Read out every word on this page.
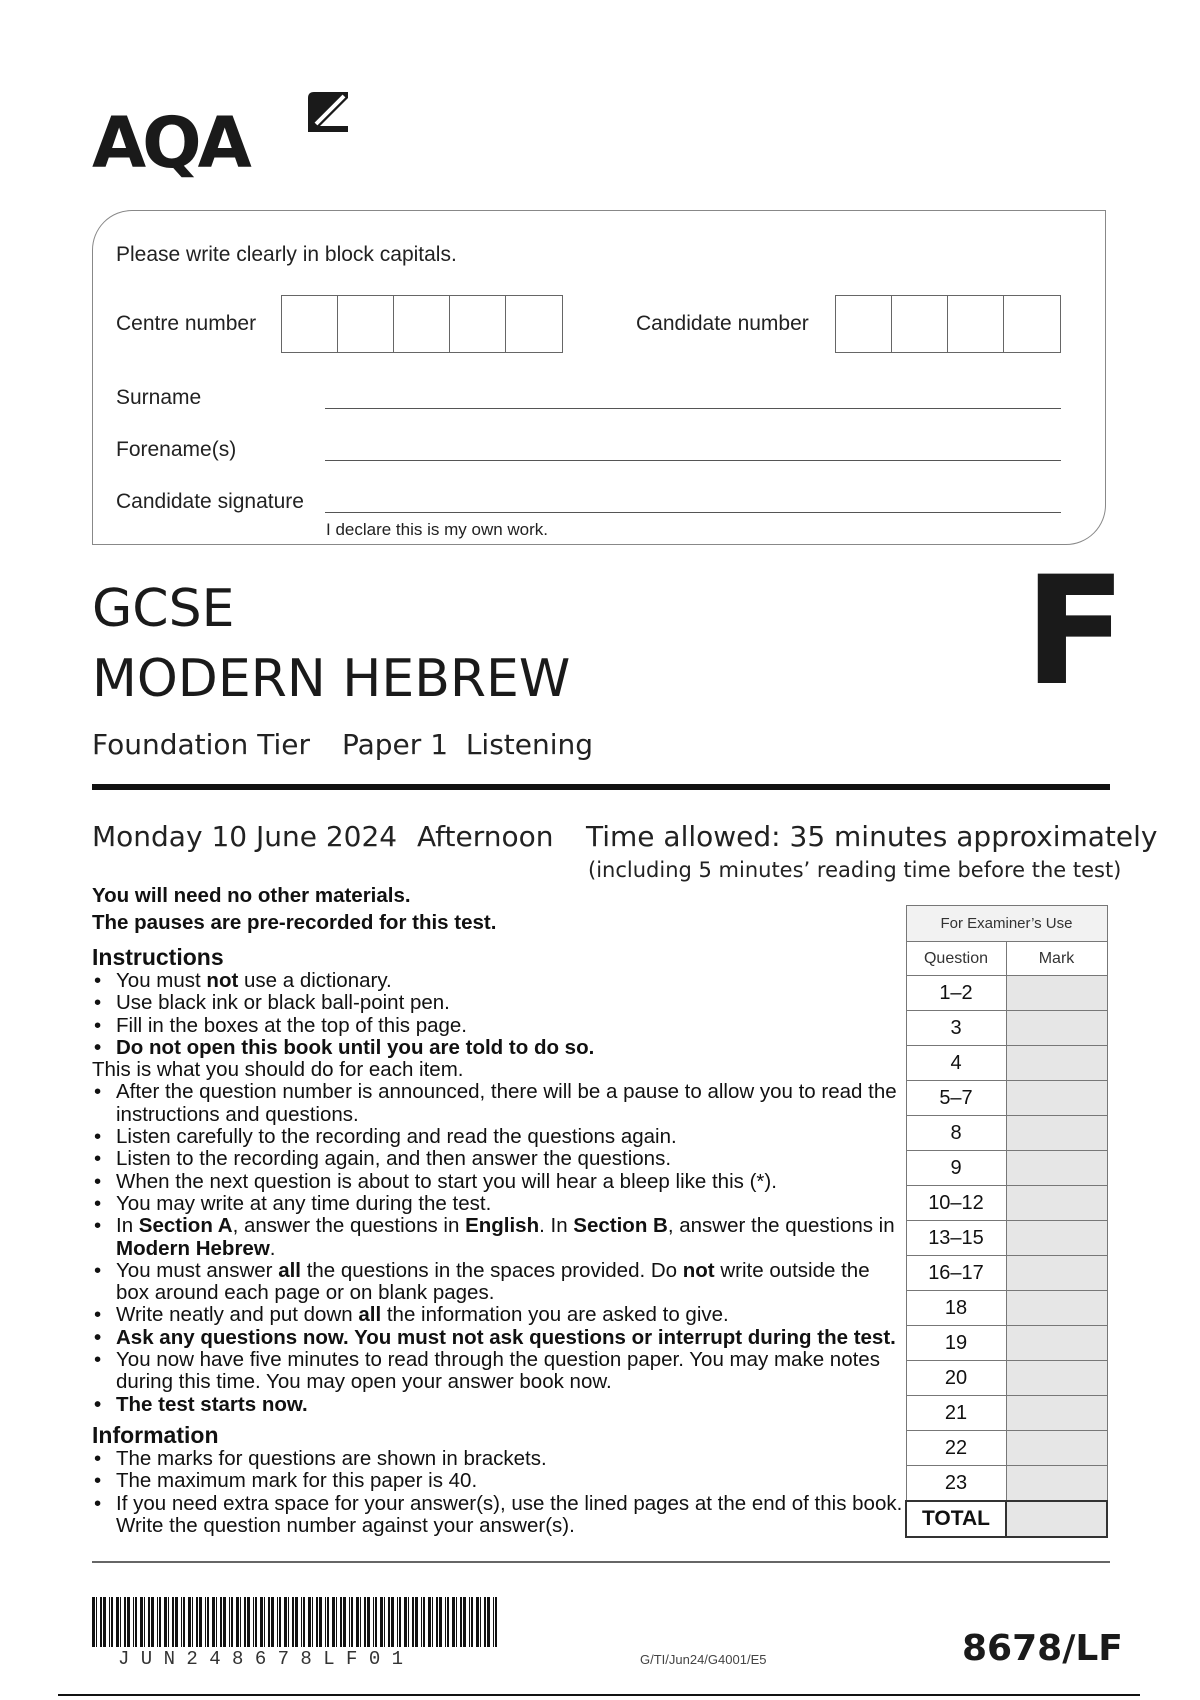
AQA
Please write clearly in block capitals.
Centre number	Candidate number
Surname
Forename(s)
Candidate signature
I declare this is my own work.
GCSE
MODERN HEBREW
Foundation Tier Paper 1  Listening
F
Monday 10 June 2024 Afternoon Time allowed: 35 minutes approximately
(including 5 minutes’ reading time before the test)
You will need no other materials.
The pauses are pre-recorded for this test.

Instructions

• You must not use a dictionary.
• Use black ink or black ball-point pen.
• Fill in the boxes at the top of this page.
• Do not open this book until you are told to do so.

This is what you should do for each item.

• After the question number is announced, there will be a pause to allow you to read the instructions and questions.
• Listen carefully to the recording and read the questions again.
• Listen to the recording again, and then answer the questions.
• When the next question is about to start you will hear a bleep like this (*).
• You may write at any time during the test.
• In Section A, answer the questions in English. In Section B, answer the questions in Modern Hebrew.
• You must answer all the questions in the spaces provided. Do not write outside the box around each page or on blank pages.
• Write neatly and put down all the information you are asked to give.
• Ask any questions now. You must not ask questions or interrupt during the test.
• You now have five minutes to read through the question paper. You may make notes during this time. You may open your answer book now.
• The test starts now.

Information

• The marks for questions are shown in brackets.
• The maximum mark for this paper is 40.
• If you need extra space for your answer(s), use the lined pages at the end of this book. Write the question number against your answer(s).
For Examiner’s Use	
Question	Mark
1–2	
3	
4	
5–7	
8	
9	
10–12	
13–15	
16–17	
18	
19	
20	
21	
22	
23	
TOTAL	
J U N 2 4 8 6 7 8 L F 0 1	G/TI/Jun24/G4001/E5	8678/LF
